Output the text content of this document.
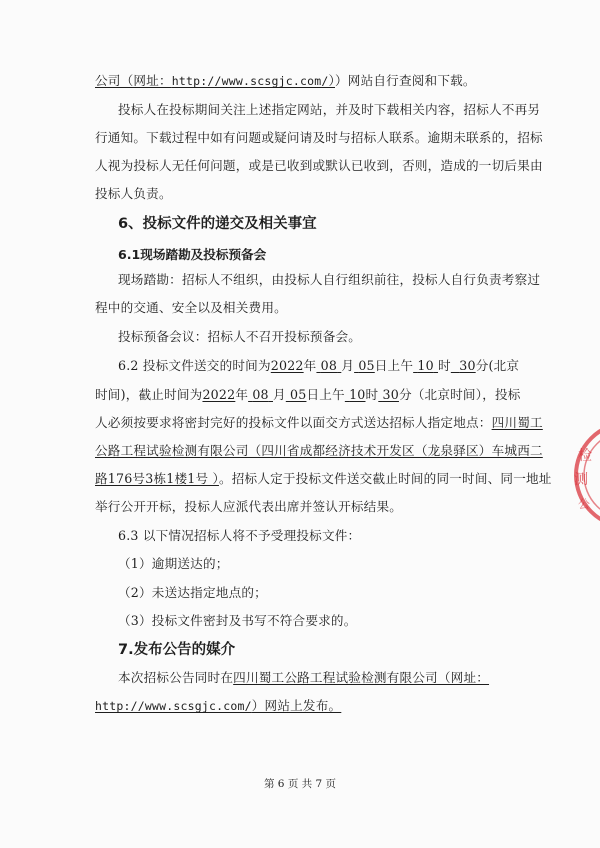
公司（网址：http://www.scsgjc.com/））网站自行查阅和下载。
投标人在投标期间关注上述指定网站，并及时下载相关内容，招标人不再另
行通知。下载过程中如有问题或疑问请及时与招标人联系。逾期未联系的，招标
人视为投标人无任何问题，或是已收到或默认已收到，否则，造成的一切后果由
投标人负责。
6、投标文件的递交及相关事宜
6.1现场踏勘及投标预备会
现场踏勘：招标人不组织，由投标人自行组织前往，投标人自行负责考察过
程中的交通、安全以及相关费用。
投标预备会议：招标人不召开投标预备会。
6.2 投标文件送交的时间为2022年 08 月 05日上午 10 时 30分(北京
时间)，截止时间为2022年 08 月 05日上午 10时 30分（北京时间），投标
人必须按要求将密封完好的投标文件以面交方式送达招标人指定地点：四川蜀工
公路工程试验检测有限公司（四川省成都经济技术开发区（龙泉驿区）车城西二
路176号3栋1楼1号 ）。招标人定于投标文件送交截止时间的同一时间、同一地址
举行公开开标，投标人应派代表出席并签认开标结果。
6.3 以下情况招标人将不予受理投标文件：
（1）逾期送达的；
（2）未送达指定地点的；
（3）投标文件密封及书写不符合要求的。
7.发布公告的媒介
本次招标公告同时在四川蜀工公路工程试验检测有限公司（网址：
http://www.scsgjc.com/）网站上发布。
第 6 页 共 7 页
检
测
公
